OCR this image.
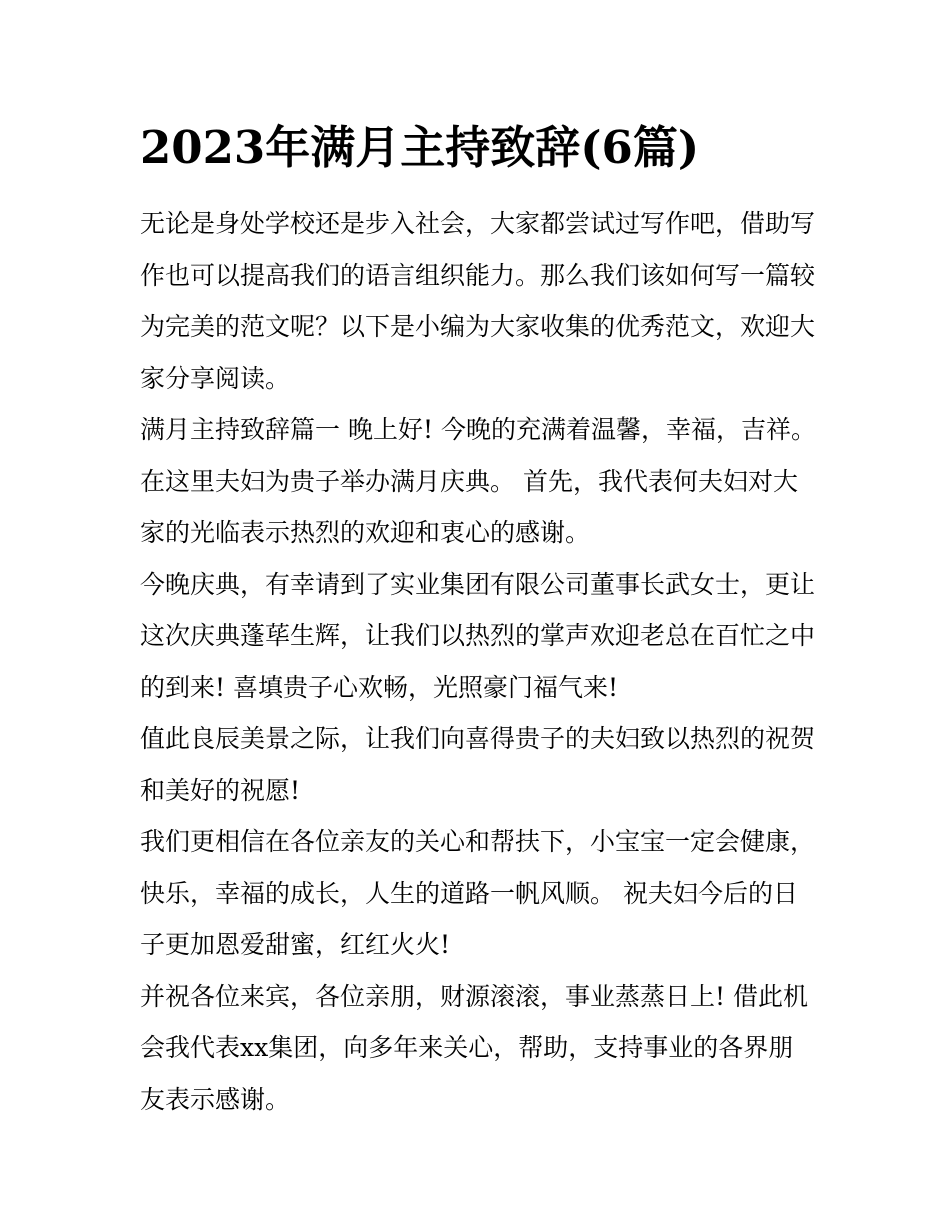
2023年满月主持致辞(6篇)

无论是身处学校还是步入社会，大家都尝试过写作吧，借助写
作也可以提高我们的语言组织能力。那么我们该如何写一篇较
为完美的范文呢？以下是小编为大家收集的优秀范文，欢迎大
家分享阅读。

满月主持致辞篇一 晚上好! 今晚的充满着温馨，幸福，吉祥。
在这里夫妇为贵子举办满月庆典。 首先，我代表何夫妇对大
家的光临表示热烈的欢迎和衷心的感谢。

今晚庆典，有幸请到了实业集团有限公司董事长武女士，更让
这次庆典蓬荜生辉，让我们以热烈的掌声欢迎老总在百忙之中
的到来! 喜填贵子心欢畅，光照豪门福气来!

值此良辰美景之际，让我们向喜得贵子的夫妇致以热烈的祝贺
和美好的祝愿!

我们更相信在各位亲友的关心和帮扶下，小宝宝一定会健康，
快乐，幸福的成长，人生的道路一帆风顺。 祝夫妇今后的日
子更加恩爱甜蜜，红红火火!

并祝各位来宾，各位亲朋，财源滚滚，事业蒸蒸日上! 借此机
会我代表xx集团，向多年来关心，帮助，支持事业的各界朋
友表示感谢。
